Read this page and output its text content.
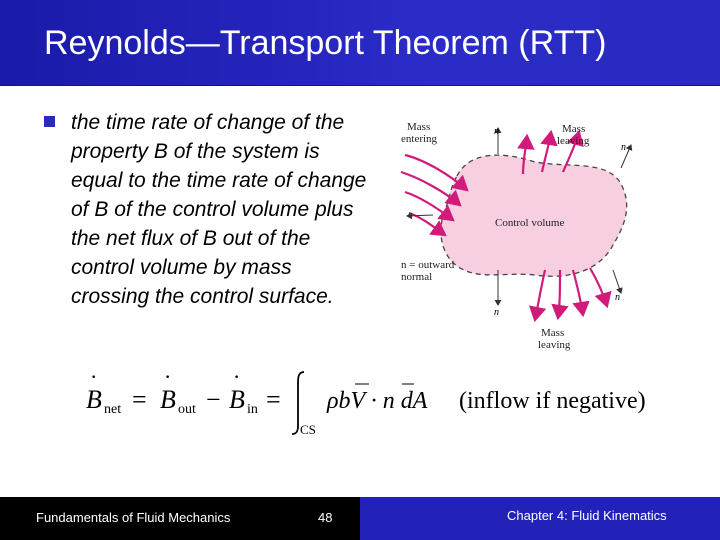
Reynolds—Transport Theorem (RTT)
the time rate of change of the property B of the system is equal to the time rate of change of B of the control volume plus the net flux of B out of the control volume by mass crossing the control surface.
n
n
n
n
Mass
entering
Mass
leaving
Mass
leaving
Control volume
n = outward
normal
B
·
net = B
·
out − B
·
in =
CS
ρbV · n dA (inflow if negative)
Fundamentals of Fluid Mechanics	48	Chapter 4: Fluid Kinematics
